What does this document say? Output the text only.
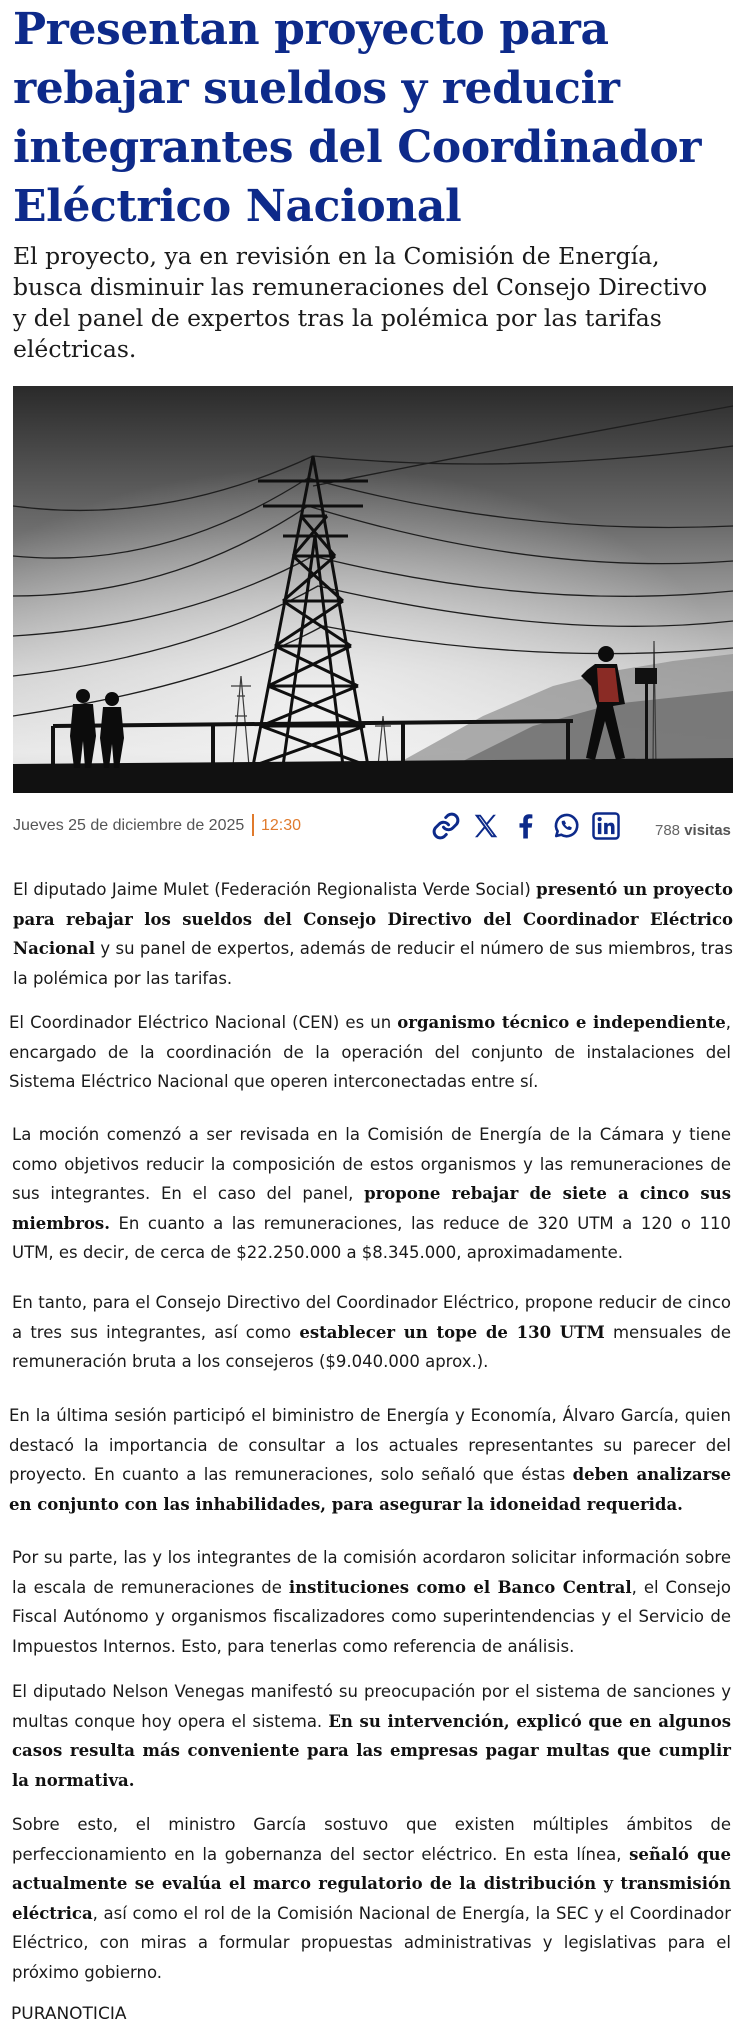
Presentan proyecto para rebajar sueldos y reducir integrantes del Coordinador Eléctrico Nacional

El proyecto, ya en revisión en la Comisión de Energía, busca disminuir las remuneraciones del Consejo Directivo y del panel de expertos tras la polémica por las tarifas eléctricas.

Jueves 25 de diciembre de 2025 12:30	788 visitas

El diputado Jaime Mulet (Federación Regionalista Verde Social) presentó un proyecto para rebajar los sueldos del Consejo Directivo del Coordinador Eléctrico Nacional y su panel de expertos, además de reducir el número de sus miembros, tras la polémica por las tarifas.

El Coordinador Eléctrico Nacional (CEN) es un organismo técnico e independiente, encargado de la coordinación de la operación del conjunto de instalaciones del Sistema Eléctrico Nacional que operen interconectadas entre sí.

La moción comenzó a ser revisada en la Comisión de Energía de la Cámara y tiene como objetivos reducir la composición de estos organismos y las remuneraciones de sus integrantes. En el caso del panel, propone rebajar de siete a cinco sus miembros. En cuanto a las remuneraciones, las reduce de 320 UTM a 120 o 110 UTM, es decir, de cerca de $22.250.000 a $8.345.000, aproximadamente.

En tanto, para el Consejo Directivo del Coordinador Eléctrico, propone reducir de cinco a tres sus integrantes, así como establecer un tope de 130 UTM mensuales de remuneración bruta a los consejeros ($9.040.000 aprox.).

En la última sesión participó el biministro de Energía y Economía, Álvaro García, quien destacó la importancia de consultar a los actuales representantes su parecer del proyecto. En cuanto a las remuneraciones, solo señaló que éstas deben analizarse en conjunto con las inhabilidades, para asegurar la idoneidad requerida.

Por su parte, las y los integrantes de la comisión acordaron solicitar información sobre la escala de remuneraciones de instituciones como el Banco Central, el Consejo Fiscal Autónomo y organismos fiscalizadores como superintendencias y el Servicio de Impuestos Internos. Esto, para tenerlas como referencia de análisis.

El diputado Nelson Venegas manifestó su preocupación por el sistema de sanciones y multas conque hoy opera el sistema. En su intervención, explicó que en algunos casos resulta más conveniente para las empresas pagar multas que cumplir la normativa.

Sobre esto, el ministro García sostuvo que existen múltiples ámbitos de perfeccionamiento en la gobernanza del sector eléctrico. En esta línea, señaló que actualmente se evalúa el marco regulatorio de la distribución y transmisión eléctrica, así como el rol de la Comisión Nacional de Energía, la SEC y el Coordinador Eléctrico, con miras a formular propuestas administrativas y legislativas para el próximo gobierno.

PURANOTICIA
